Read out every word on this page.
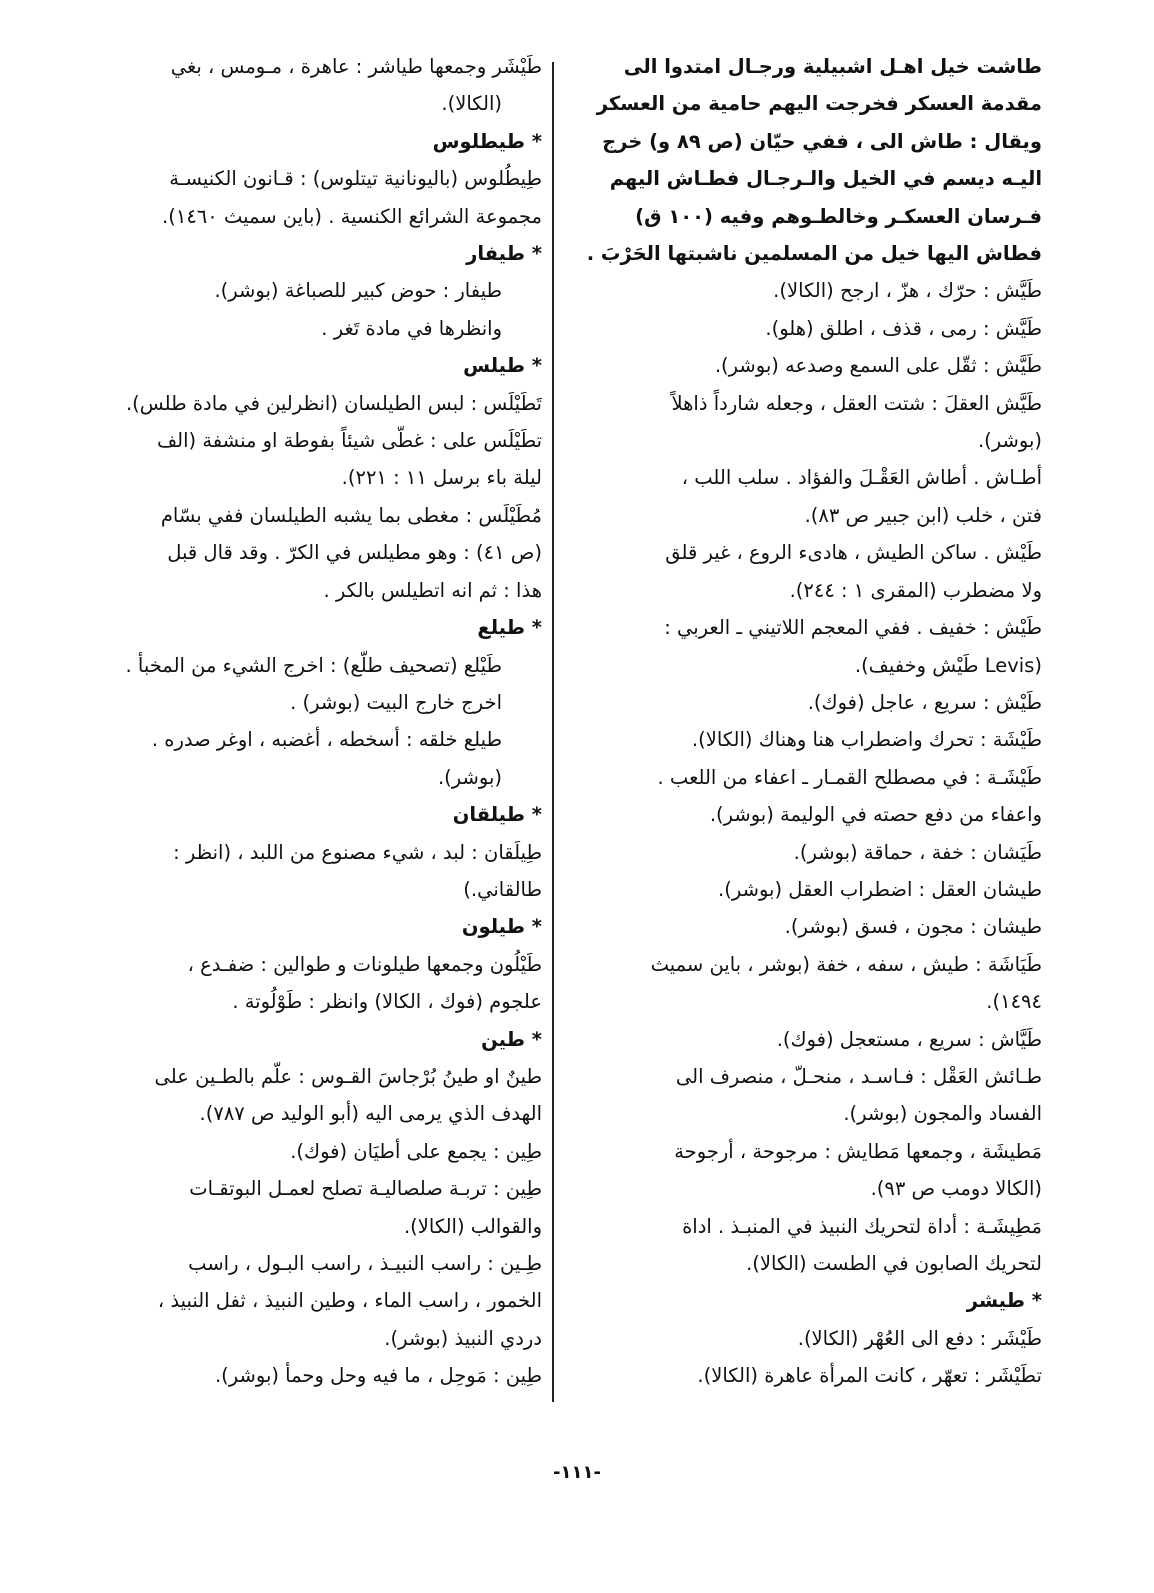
طاشت خيل اهـل اشبيلية ورجـال امتدوا الى
مقدمة العسكر فخرجت اليهم حامية من العسكر
ويقال : طاش الى ، ففي حيّان (ص ٨٩ و) خرج
اليـه ديسم في الخيل والـرجـال فطـاش اليهم
فـرسان العسكـر وخالطـوهم وفيه (١٠٠ ق)
فطاش اليها خيل من المسلمين ناشبتها الحَرْبَ .
طَيَّش : حرّك ، هزّ ، ارجح (الكالا).
طَيَّش : رمى ، قذف ، اطلق (هلو).
طَيَّش : ثقّل على السمع وصدعه (بوشر).
طَيَّش العقلَ : شتت العقل ، وجعله شارداً ذاهلاً
(بوشر).
أطـاش . أطاش العَقْـلَ والفؤاد . سلب اللب ،
فتن ، خلب (ابن جبير ص ٨٣).
طَيْش . ساكن الطيش ، هادىء الروع ، غير قلق
ولا مضطرب (المقرى ١ : ٢٤٤).
طَيْش : خفيف . ففي المعجم اللاتيني ـ العربي :
(Levis طَيْش وخفيف).
طَيْش : سريع ، عاجل (فوك).
طَيْشَة : تحرك واضطراب هنا وهناك (الكالا).
طَيْشَـة : في مصطلح القمـار ـ اعفاء من اللعب .
واعفاء من دفع حصته في الوليمة (بوشر).
طَيَشان : خفة ، حماقة (بوشر).
طيشان العقل : اضطراب العقل (بوشر).
طيشان : مجون ، فسق (بوشر).
طَيَاشَة : طيش ، سفه ، خفة (بوشر ، باين سميث
١٤٩٤).
طَيَّاش : سريع ، مستعجل (فوك).
طـائش العَقْل : فـاسـد ، منحـلّ ، منصرف الى
الفساد والمجون (بوشر).
مَطيشَة ، وجمعها مَطايش : مرجوحة ، أرجوحة
(الكالا دومب ص ٩٣).
مَطِيشَـة : أداة لتحريك النبيذ في المنبـذ . اداة
لتحريك الصابون في الطست (الكالا).
* طيشر
طَيْشَر : دفع الى العُهْر (الكالا).
تطَيْشَر : تعهّر ، كانت المرأة عاهرة (الكالا).
طَيْشَر وجمعها طياشر : عاهرة ، مـومس ، بغي
(الكالا).
* طيطلوس
طِيطُلوس (باليونانية تيتلوس) : قـانون الكنيسـة
مجموعة الشرائع الكنسية . (باين سميث ١٤٦٠).
* طيفار
طيفار : حوض كبير للصباغة (بوشر).
وانظرها في مادة تَغر .
* طيلس
تَطَيْلَس : لبس الطيلسان (انظرلين في مادة طلس).
تطَيْلَس على : غطّى شيئاً بفوطة او منشفة (الف
ليلة باء برسل ١١ : ٢٢١).
مُطَيْلَس : مغطى بما يشبه الطيلسان ففي بسّام
(ص ٤١) : وهو مطيلس في الكرّ . وقد قال قبل
هذا : ثم انه اتطيلس بالكر .
* طيلع
طَيْلع (تصحيف طلّع) : اخرج الشيء من المخبأ .
اخرج خارج البيت (بوشر) .
طيلع خلقه : أسخطه ، أغضبه ، اوغر صدره .
(بوشر).
* طيلقان
طِيلَقان : لبد ، شيء مصنوع من اللبد ، (انظر :
طالقاني.)
* طيلون
طَيْلُون وجمعها طيلونات و طوالين : ضفـدع ،
علجوم (فوك ، الكالا) وانظر : طَوْلُوتة .
* طين
طينٌ او طينُ بُرْجاسَ القـوس : علّم بالطـين على
الهدف الذي يرمى اليه (أبو الوليد ص ٧٨٧).
طِين : يجمع على أطيَان (فوك).
طِين : تربـة صلصاليـة تصلح لعمـل البوتقـات
والقوالب (الكالا).
طِـين : راسب النبيـذ ، راسب البـول ، راسب
الخمور ، راسب الماء ، وطين النبيذ ، ثفل النبيذ ،
دردي النبيذ (بوشر).
طِين : مَوحِل ، ما فيه وحل وحمأ (بوشر).
-١١١-
